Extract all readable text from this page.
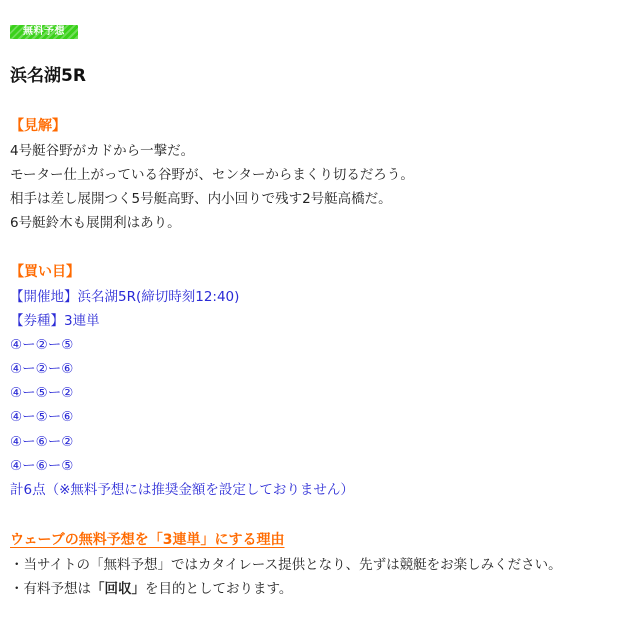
無料予想
浜名湖5R
【見解】
4号艇谷野がカドから一撃だ。
モーター仕上がっている谷野が、センターからまくり切るだろう。
相手は差し展開つく5号艇高野、内小回りで残す2号艇高橋だ。
6号艇鈴木も展開利はあり。
【買い目】
【開催地】浜名湖5R(締切時刻12:40)
【券種】3連単
④ー②ー⑤
④ー②ー⑥
④ー⑤ー②
④ー⑤ー⑥
④ー⑥ー②
④ー⑥ー⑤
計6点（※無料予想には推奨金額を設定しておりません）
ウェーブの無料予想を「3連単」にする理由
・当サイトの「無料予想」ではカタイレース提供となり、先ずは競艇をお楽しみください。
・有料予想は「回収」を目的としております。
